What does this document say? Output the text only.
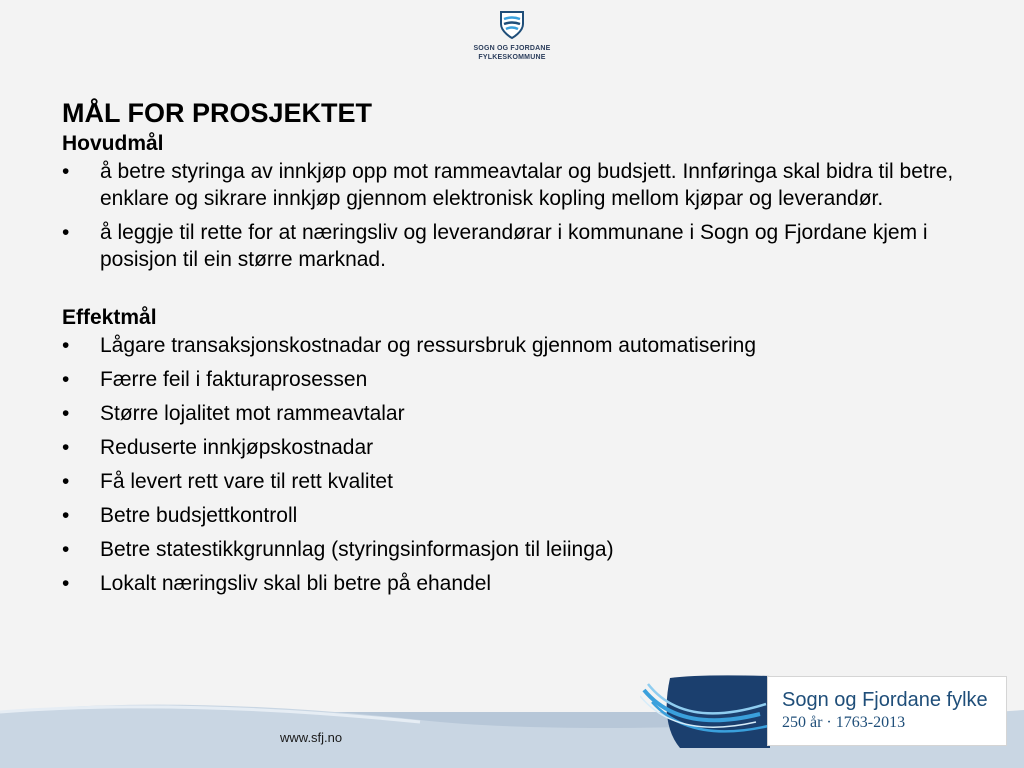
SOGN OG FJORDANE
FYLKESKOMMUNE
MÅL FOR PROSJEKTET
Hovudmål
•	å betre styringa av innkjøp opp mot rammeavtalar og budsjett. Innføringa skal bidra til betre, enklare og sikrare innkjøp gjennom elektronisk kopling mellom kjøpar og leverandør.
•	å leggje til rette for at næringsliv og leverandørar i kommunane i Sogn og Fjordane kjem i posisjon til ein større marknad.
Effektmål
•	Lågare transaksjonskostnadar og ressursbruk gjennom automatisering
•	Færre feil i fakturaprosessen
•	Større lojalitet mot rammeavtalar
•	Reduserte innkjøpskostnadar
•	Få levert rett vare til rett kvalitet
•	Betre budsjettkontroll
•	Betre statestikkgrunnlag (styringsinformasjon til leiinga)
•	Lokalt næringsliv skal bli betre på ehandel
www.sfj.no
Sogn og Fjordane fylke
250 år · 1763-2013
